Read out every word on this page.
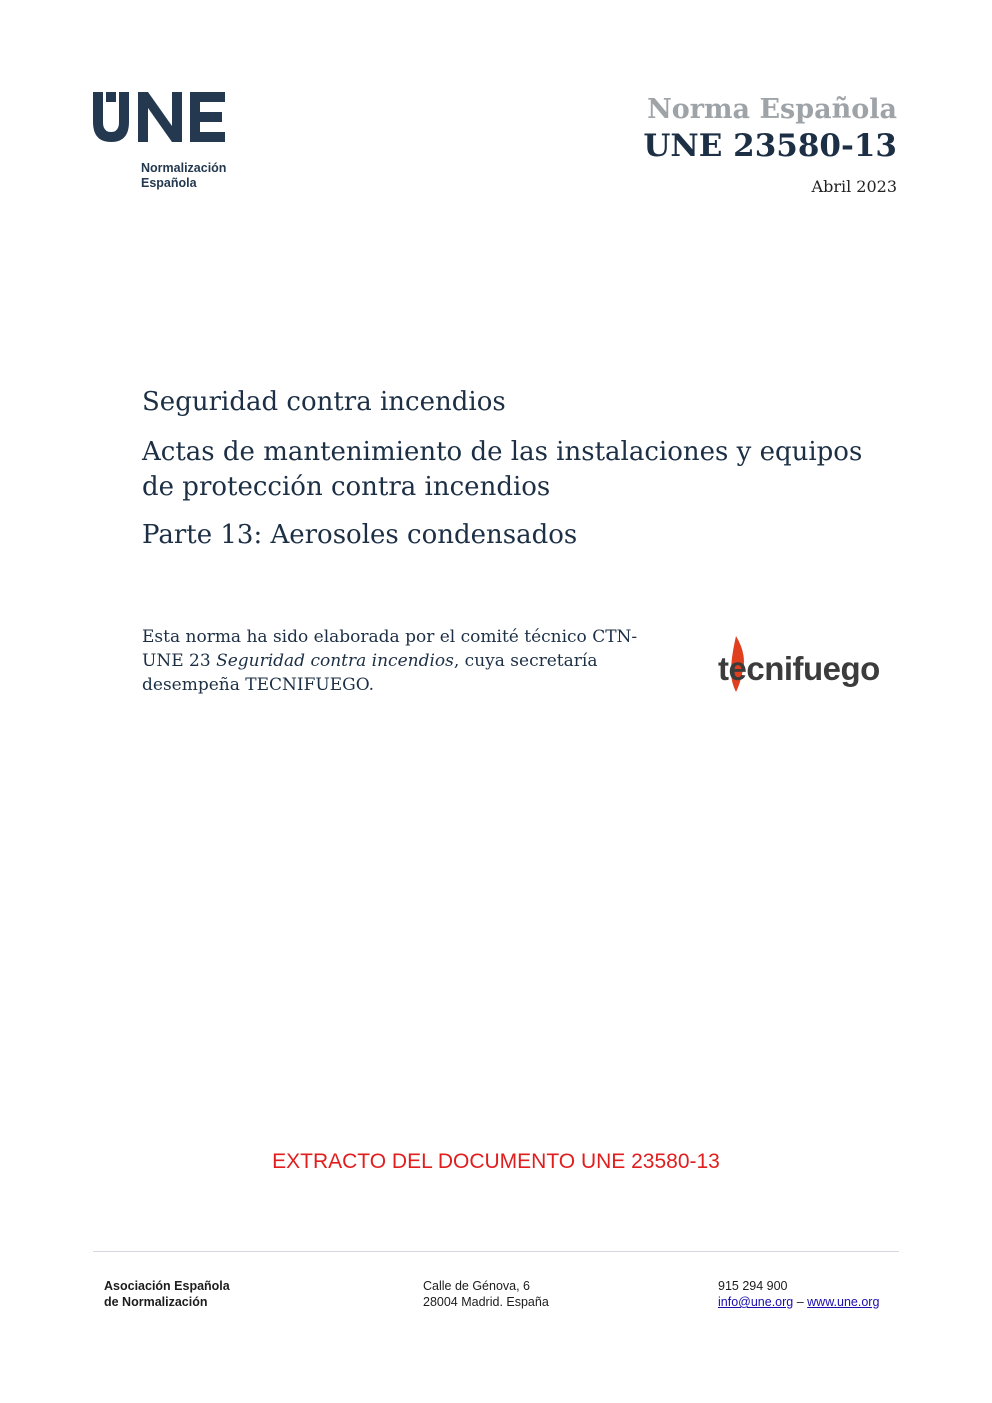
Normalización
Española
Norma Española
UNE 23580-13
Abril 2023
Seguridad contra incendios
Actas de mantenimiento de las instalaciones y equipos de protección contra incendios
Parte 13: Aerosoles condensados
Esta norma ha sido elaborada por el comité técnico CTN-UNE 23 Seguridad contra incendios, cuya secretaría desempeña TECNIFUEGO.	tecnifuego
EXTRACTO DEL DOCUMENTO UNE 23580-13
Asociación Española
de Normalización
Calle de Génova, 6
28004 Madrid. España
915 294 900
info@une.org – www.une.org
